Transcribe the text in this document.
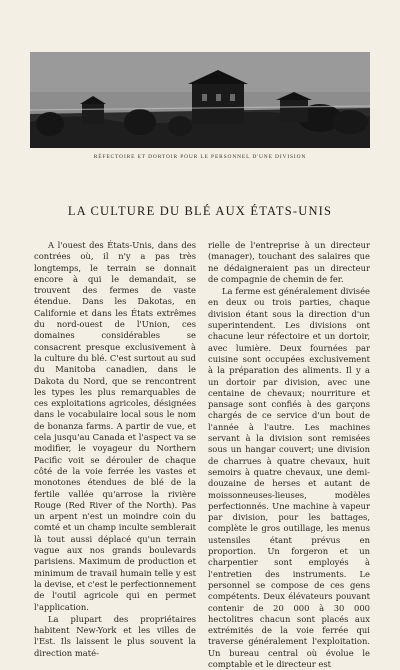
RÉFECTOIRE ET DORTOIR POUR LE PERSONNEL D'UNE DIVISION
LA CULTURE DU BLÉ AUX ÉTATS-UNIS

A l'ouest des États-Unis, dans des contrées où, il n'y a pas très longtemps, le terrain se donnait encore à qui le demandait, se trouvent des fermes de vaste étendue. Dans les Dakotas, en Californie et dans les États extrêmes du nord-ouest de l'Union, ces domaines considérables se consacrent presque exclusivement à la culture du blé. C'est surtout au sud du Manitoba canadien, dans le Dakota du Nord, que se rencontrent les types les plus remarquables de ces exploitations agricoles, désignées dans le vocabulaire local sous le nom de bonanza farms. A partir de vue, et cela jusqu'au Canada et l'aspect va se modifier, le voyageur du Northern Pacific voit se dérouler de chaque côté de la voie ferrée les vastes et monotones étendues de blé de la fertile vallée qu'arrose la rivière Rouge (Red River of the North). Pas un arpent n'est un moindre coin du comté et un champ inculte semblerait là tout aussi déplacé qu'un terrain vague aux nos grands boulevards parisiens. Maximum de production et minimum de travail humain telle y est la devise, et c'est le perfectionnement de l'outil agricole qui en permet l'application.

La plupart des propriétaires habitent New-York et les villes de l'Est. Ils laissent le plus souvent la direction maté-

rielle de l'entreprise à un directeur (manager), touchant des salaires que ne dédaigneraient pas un directeur de compagnie de chemin de fer.

La ferme est généralement divisée en deux ou trois parties, chaque division étant sous la direction d'un superintendent. Les divisions ont chacune leur réfectoire et un dortoir, avec lumière. Deux fournées par cuisine sont occupées exclusivement à la préparation des aliments. Il y a un dortoir par division, avec une centaine de chevaux; nourriture et pansage sont confiés à des garçons chargés de ce service d'un bout de l'année à l'autre. Les machines servant à la division sont remisées sous un hangar couvert; une division de charrues à quatre chevaux, huit semoirs à quatre chevaux, une demi-douzaine de herses et autant de moissonneuses-lieuses, modèles perfectionnés. Une machine à vapeur par division, pour les battages, complète le gros outillage, les menus ustensiles étant prévus en proportion. Un forgeron et un charpentier sont employés à l'entretien des instruments. Le personnel se compose de ces gens compétents. Deux élévateurs pouvant contenir de 20 000 à 30 000 hectolitres chacun sont placés aux extrémités de la voie ferrée qui traverse généralement l'exploitation. Un bureau central où évolue le comptable et le directeur est
